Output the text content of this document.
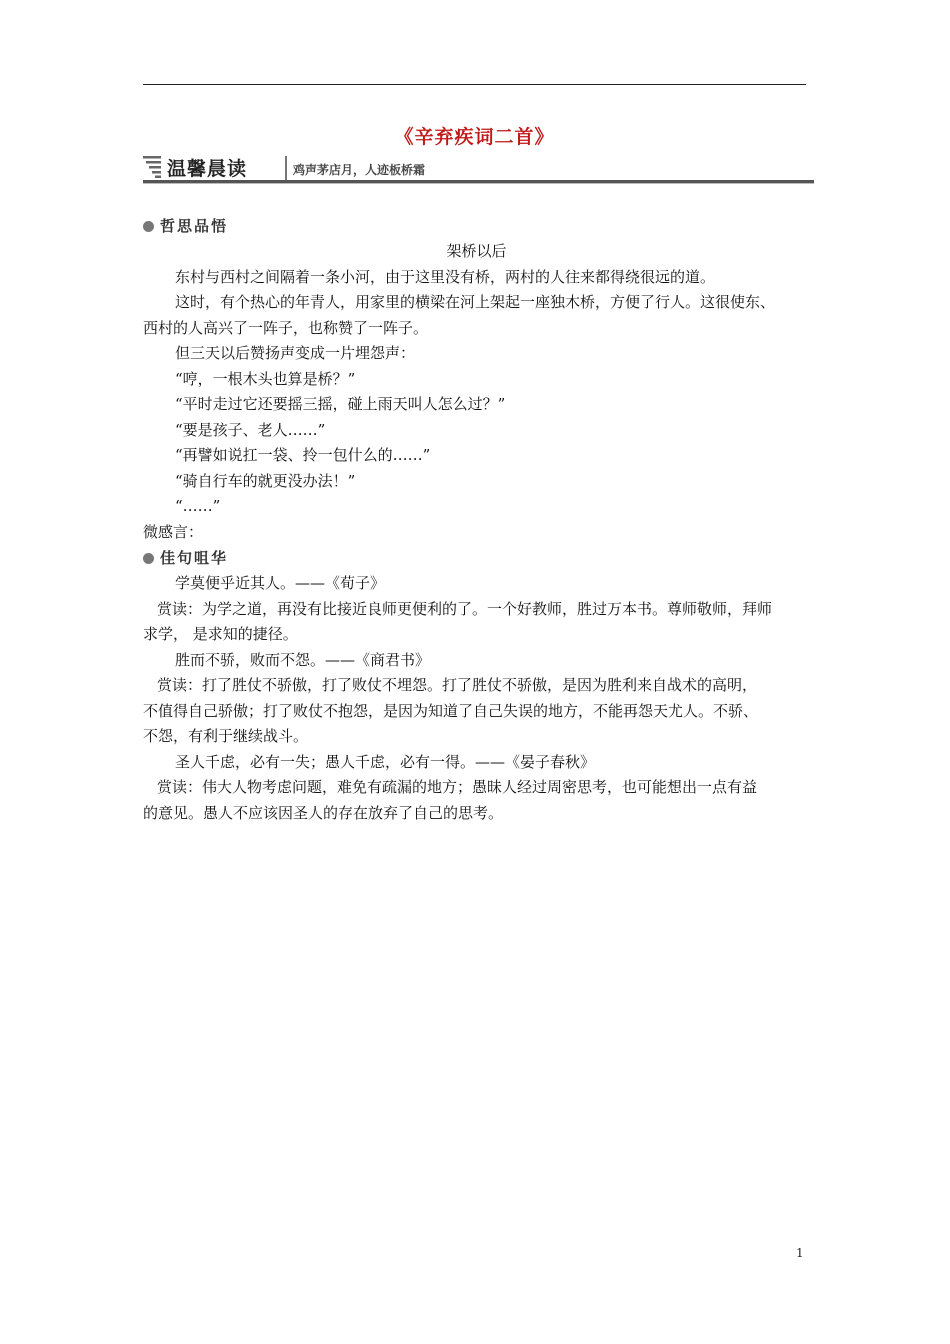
《辛弃疾词二首》
温馨晨读	鸡声茅店月，人迹板桥霜
哲思品悟
架桥以后
东村与西村之间隔着一条小河，由于这里没有桥，两村的人往来都得绕很远的道。
这时，有个热心的年青人，用家里的横梁在河上架起一座独木桥，方便了行人。这很使东、
西村的人高兴了一阵子，也称赞了一阵子。
但三天以后赞扬声变成一片埋怨声：
“哼，一根木头也算是桥？”
“平时走过它还要摇三摇，碰上雨天叫人怎么过？”
“要是孩子、老人……”
“再譬如说扛一袋、拎一包什么的……”
“骑自行车的就更没办法！”
“……”
微感言：
佳句咀华
学莫便乎近其人。——《荀子》
赏读：为学之道，再没有比接近良师更便利的了。一个好教师，胜过万本书。尊师敬师，拜师
求学， 是求知的捷径。
胜而不骄，败而不怨。——《商君书》
赏读：打了胜仗不骄傲，打了败仗不埋怨。打了胜仗不骄傲，是因为胜利来自战术的高明，
不值得自己骄傲；打了败仗不抱怨，是因为知道了自己失误的地方，不能再怨天尤人。不骄、
不怨，有利于继续战斗。
圣人千虑，必有一失；愚人千虑，必有一得。——《晏子春秋》
赏读：伟大人物考虑问题，难免有疏漏的地方；愚昧人经过周密思考，也可能想出一点有益
的意见。愚人不应该因圣人的存在放弃了自己的思考。
1
